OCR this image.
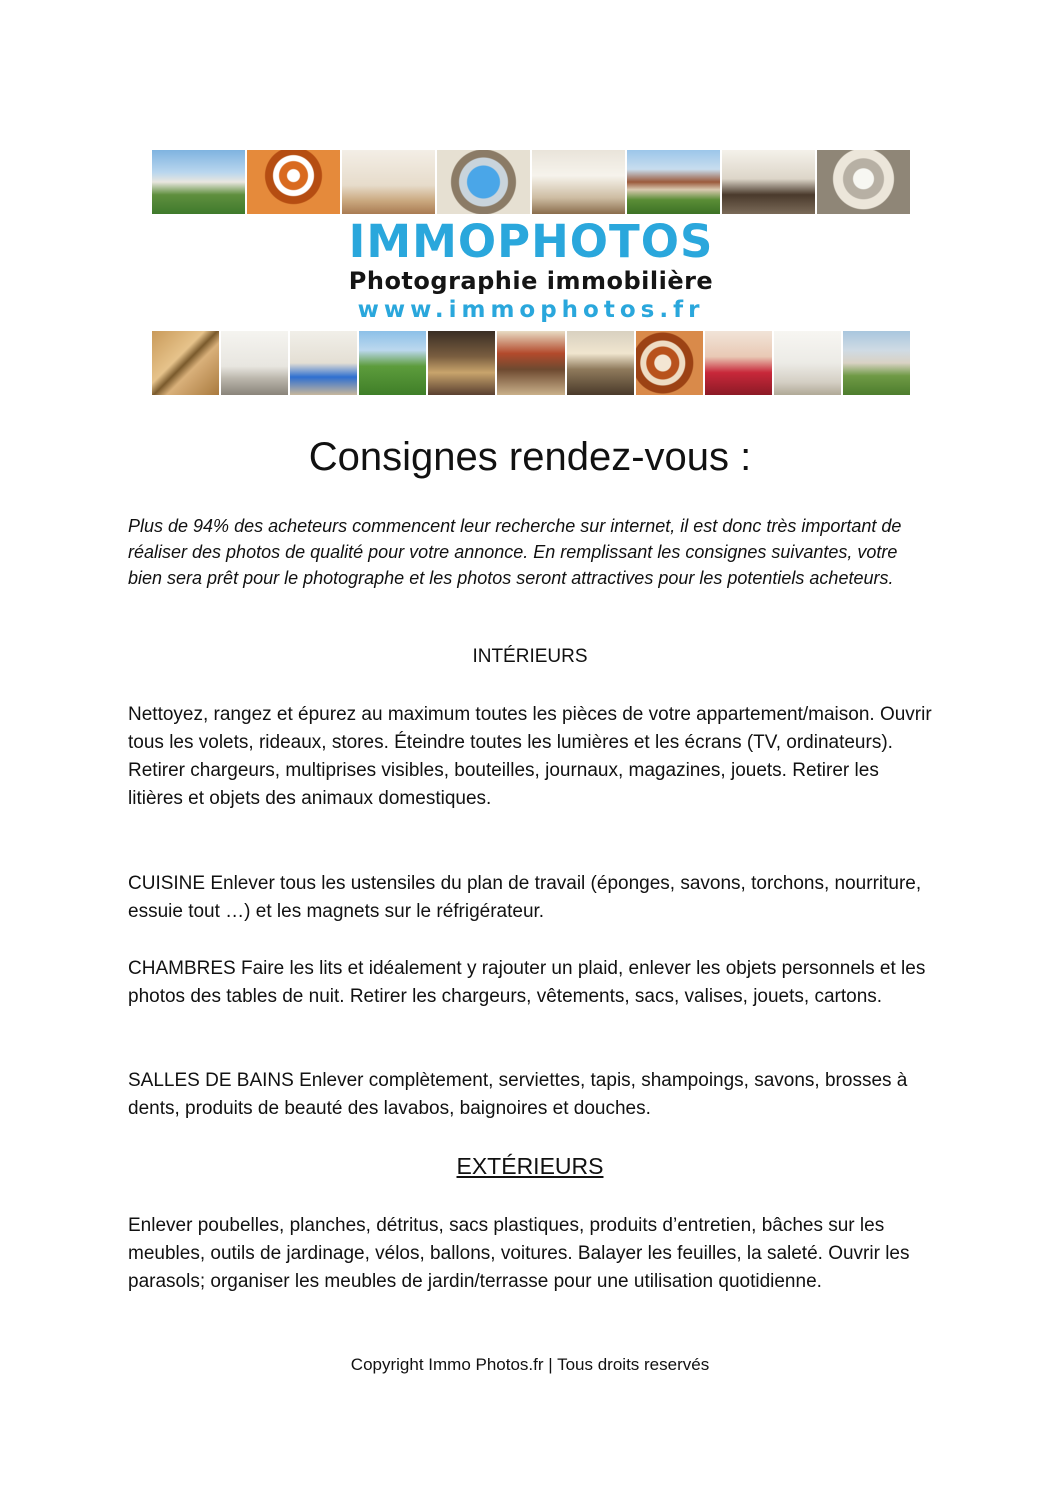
IMMOPHOTOS
Photographie immobilière
www.immophotos.fr
Consignes rendez-vous :

Plus de 94% des acheteurs commencent leur recherche sur internet, il est donc très important de réaliser des photos de qualité pour votre annonce. En remplissant les consignes suivantes, votre bien sera prêt pour le photographe et les photos seront attractives pour les potentiels acheteurs.

INTÉRIEURS

Nettoyez, rangez et épurez au maximum toutes les pièces de votre appartement/maison. Ouvrir tous les volets, rideaux, stores. Éteindre toutes les lumières et les écrans (TV, ordinateurs). Retirer chargeurs, multiprises visibles, bouteilles, journaux, magazines, jouets. Retirer les litières et objets des animaux domestiques.

CUISINE Enlever tous les ustensiles du plan de travail (éponges, savons, torchons, nourriture, essuie tout …) et les magnets sur le réfrigérateur.

CHAMBRES Faire les lits et idéalement y rajouter un plaid, enlever les objets personnels et les photos des tables de nuit. Retirer les chargeurs, vêtements, sacs, valises, jouets, cartons.

SALLES DE BAINS Enlever complètement, serviettes, tapis, shampoings, savons, brosses à dents, produits de beauté des lavabos, baignoires et douches.

EXTÉRIEURS

Enlever poubelles, planches, détritus, sacs plastiques, produits d’entretien, bâches sur les meubles, outils de jardinage, vélos, ballons, voitures. Balayer les feuilles, la saleté. Ouvrir les parasols; organiser les meubles de jardin/terrasse pour une utilisation quotidienne.

Copyright Immo Photos.fr | Tous droits reservés
